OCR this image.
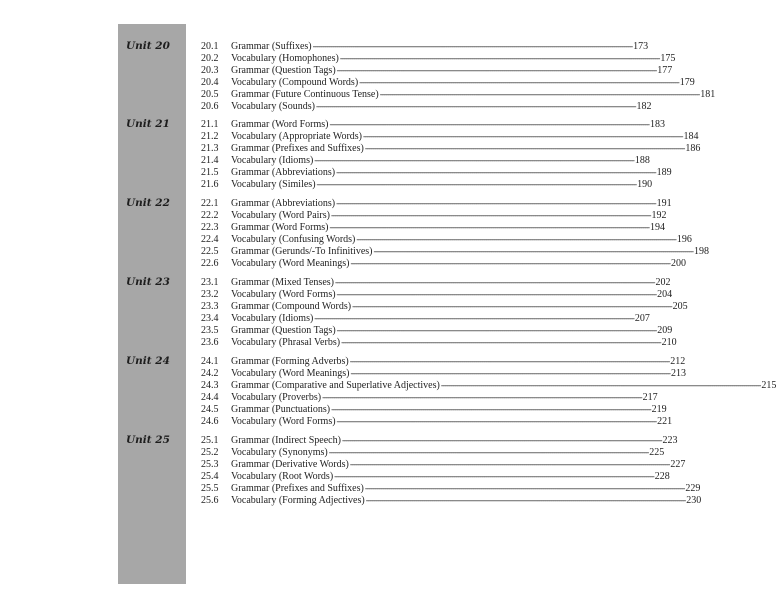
Unit 20	20.1	Grammar (Suffixes) ---------------------------------------------------------------------------------------------------------------------------------------------------------------- 173
20.2	Vocabulary (Homophones) ---------------------------------------------------------------------------------------------------------------------------------------------------------------- 175
20.3	Grammar (Question Tags) ---------------------------------------------------------------------------------------------------------------------------------------------------------------- 177
20.4	Vocabulary (Compound Words) ---------------------------------------------------------------------------------------------------------------------------------------------------------------- 179
20.5	Grammar (Future Continuous Tense) ---------------------------------------------------------------------------------------------------------------------------------------------------------------- 181
20.6	Vocabulary (Sounds) ---------------------------------------------------------------------------------------------------------------------------------------------------------------- 182
Unit 21	21.1	Grammar (Word Forms) ---------------------------------------------------------------------------------------------------------------------------------------------------------------- 183
21.2	Vocabulary (Appropriate Words) ---------------------------------------------------------------------------------------------------------------------------------------------------------------- 184
21.3	Grammar (Prefixes and Suffixes) ---------------------------------------------------------------------------------------------------------------------------------------------------------------- 186
21.4	Vocabulary (Idioms) ---------------------------------------------------------------------------------------------------------------------------------------------------------------- 188
21.5	Grammar (Abbreviations) ---------------------------------------------------------------------------------------------------------------------------------------------------------------- 189
21.6	Vocabulary (Similes) ---------------------------------------------------------------------------------------------------------------------------------------------------------------- 190
Unit 22	22.1	Grammar (Abbreviations) ---------------------------------------------------------------------------------------------------------------------------------------------------------------- 191
22.2	Vocabulary (Word Pairs) ---------------------------------------------------------------------------------------------------------------------------------------------------------------- 192
22.3	Grammar (Word Forms) ---------------------------------------------------------------------------------------------------------------------------------------------------------------- 194
22.4	Vocabulary (Confusing Words) ---------------------------------------------------------------------------------------------------------------------------------------------------------------- 196
22.5	Grammar (Gerunds/-To Infinitives) ---------------------------------------------------------------------------------------------------------------------------------------------------------------- 198
22.6	Vocabulary (Word Meanings) ---------------------------------------------------------------------------------------------------------------------------------------------------------------- 200
Unit 23	23.1	Grammar (Mixed Tenses) ---------------------------------------------------------------------------------------------------------------------------------------------------------------- 202
23.2	Vocabulary (Word Forms) ---------------------------------------------------------------------------------------------------------------------------------------------------------------- 204
23.3	Grammar (Compound Words) ---------------------------------------------------------------------------------------------------------------------------------------------------------------- 205
23.4	Vocabulary (Idioms) ---------------------------------------------------------------------------------------------------------------------------------------------------------------- 207
23.5	Grammar (Question Tags) ---------------------------------------------------------------------------------------------------------------------------------------------------------------- 209
23.6	Vocabulary (Phrasal Verbs) ---------------------------------------------------------------------------------------------------------------------------------------------------------------- 210
Unit 24	24.1	Grammar (Forming Adverbs) ---------------------------------------------------------------------------------------------------------------------------------------------------------------- 212
24.2	Vocabulary (Word Meanings) ---------------------------------------------------------------------------------------------------------------------------------------------------------------- 213
24.3	Grammar (Comparative and Superlative Adjectives) ---------------------------------------------------------------------------------------------------------------------------------------------------------------- 215
24.4	Vocabulary (Proverbs) ---------------------------------------------------------------------------------------------------------------------------------------------------------------- 217
24.5	Grammar (Punctuations) ---------------------------------------------------------------------------------------------------------------------------------------------------------------- 219
24.6	Vocabulary (Word Forms) ---------------------------------------------------------------------------------------------------------------------------------------------------------------- 221
Unit 25	25.1	Grammar (Indirect Speech) ---------------------------------------------------------------------------------------------------------------------------------------------------------------- 223
25.2	Vocabulary (Synonyms) ---------------------------------------------------------------------------------------------------------------------------------------------------------------- 225
25.3	Grammar (Derivative Words) ---------------------------------------------------------------------------------------------------------------------------------------------------------------- 227
25.4	Vocabulary (Root Words) ---------------------------------------------------------------------------------------------------------------------------------------------------------------- 228
25.5	Grammar (Prefixes and Suffixes) ---------------------------------------------------------------------------------------------------------------------------------------------------------------- 229
25.6	Vocabulary (Forming Adjectives) ---------------------------------------------------------------------------------------------------------------------------------------------------------------- 230
